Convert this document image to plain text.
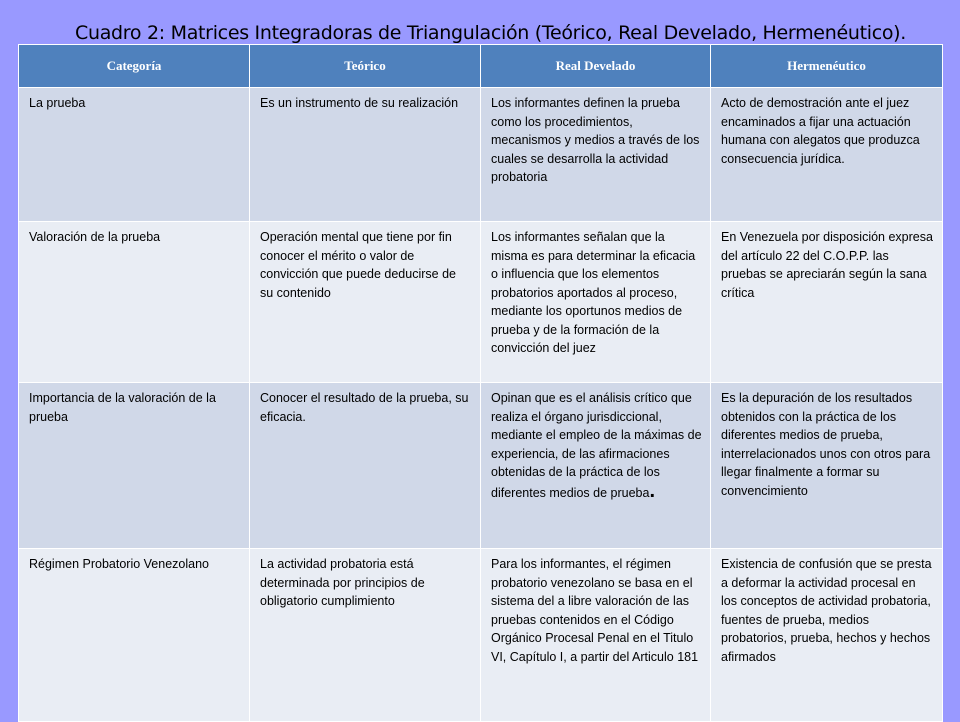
Cuadro 2: Matrices Integradoras de Triangulación (Teórico, Real Develado, Hermenéutico).
Categoría	Teórico	Real Develado	Hermenéutico
La prueba	Es un instrumento de su realización	Los informantes definen la prueba como los procedimientos, mecanismos y medios a través de los cuales se desarrolla la actividad probatoria	Acto de demostración ante el juez encaminados a fijar una actuación humana con alegatos que produzca consecuencia jurídica.
Valoración de la prueba	Operación mental que tiene por fin conocer el mérito o valor de convicción que puede deducirse de su contenido	Los informantes señalan que la misma es para determinar la eficacia o influencia que los elementos probatorios aportados al proceso, mediante los oportunos medios de prueba y de la formación de la convicción del juez	En Venezuela por disposición expresa del artículo 22 del C.O.P.P. las pruebas se apreciarán según la sana crítica
Importancia de la valoración de la prueba	Conocer el resultado de la prueba, su eficacia.	Opinan que es el análisis crítico que realiza el órgano jurisdiccional, mediante el empleo de la máximas de experiencia, de las afirmaciones obtenidas de la práctica de los diferentes medios de prueba.	Es la depuración de los resultados obtenidos con la práctica de los diferentes medios de prueba, interrelacionados unos con otros para llegar finalmente a formar su convencimiento
Régimen Probatorio Venezolano	La actividad probatoria está determinada por principios de obligatorio cumplimiento	Para los informantes, el régimen probatorio venezolano se basa en el sistema del a libre valoración de las pruebas contenidos en el Código Orgánico Procesal Penal en el Titulo VI, Capítulo I, a partir del Articulo 181	Existencia de confusión que se presta a deformar la actividad procesal en los conceptos de actividad probatoria, fuentes de prueba, medios probatorios, prueba, hechos y hechos afirmados
